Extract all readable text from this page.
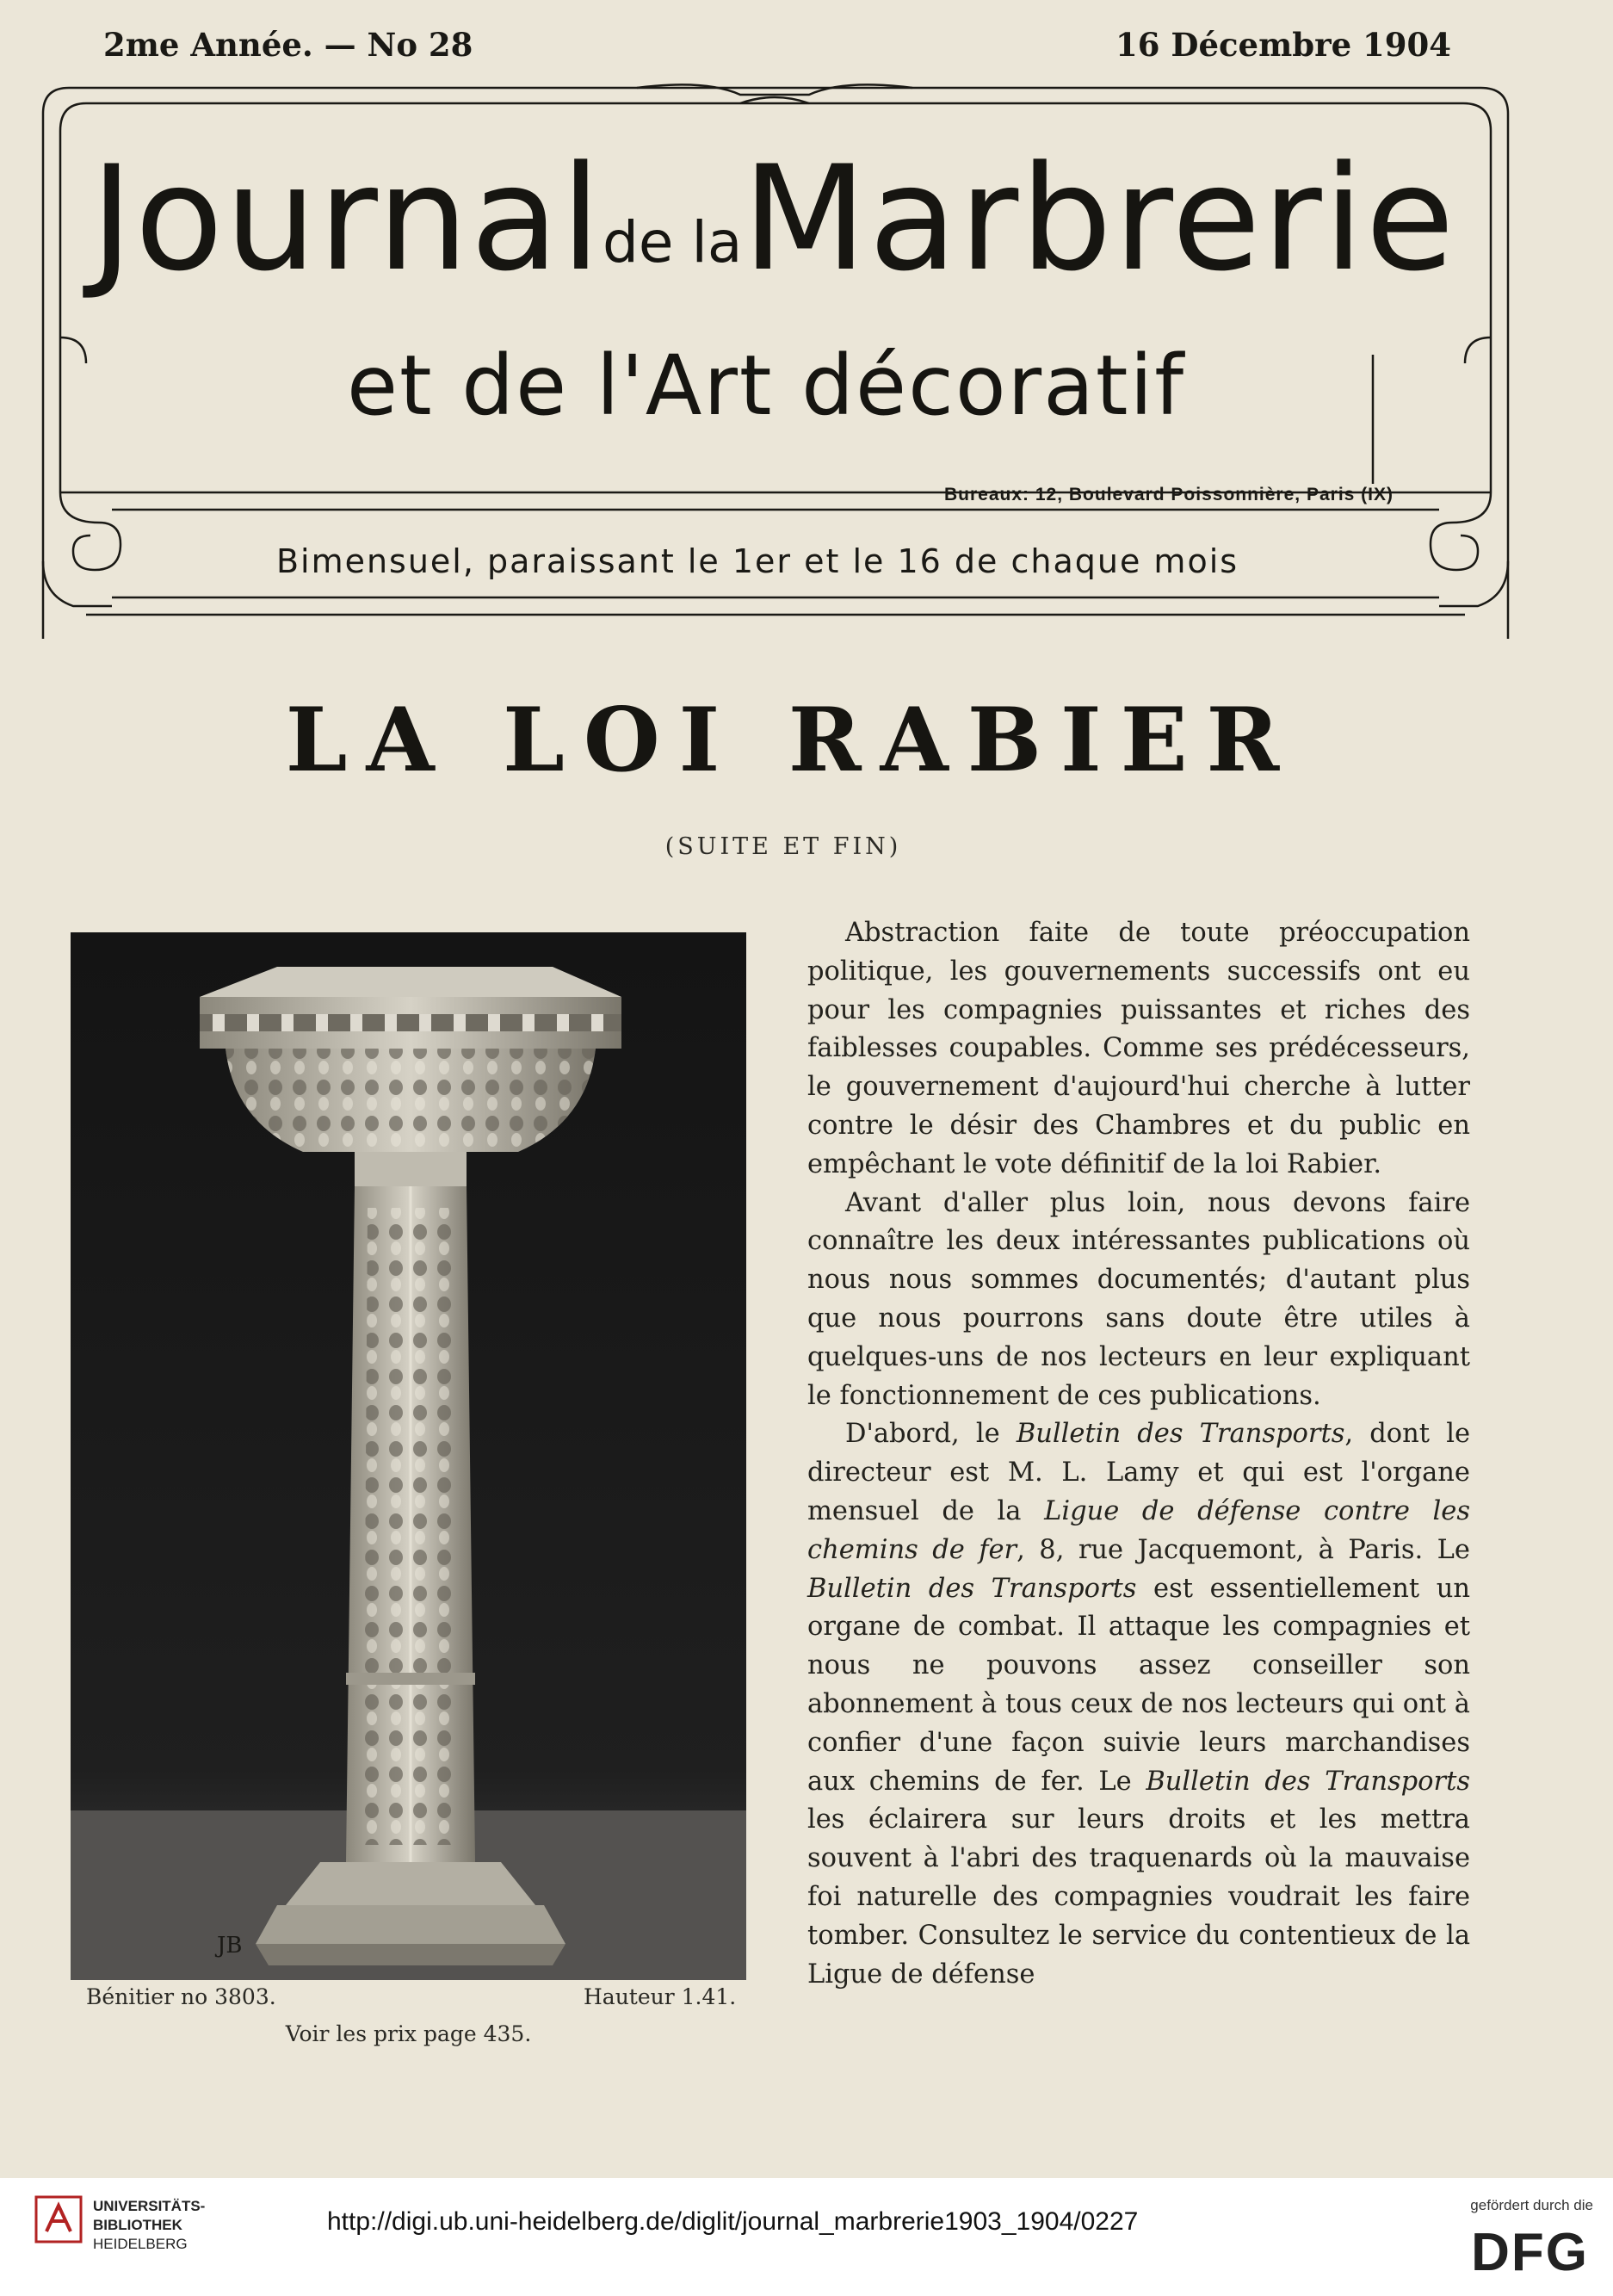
2me Année. — No 28	16 Décembre 1904
Journalde laMarbrerie
et de l'Art décoratif
Bureaux: 12, Boulevard Poissonnière, Paris (IX)
Bimensuel, paraissant le 1er et le 16 de chaque mois
LA LOI RABIER
(SUITE ET FIN)
JB
Bénitier no 3803.	Hauteur 1.41.
Voir les prix page 435.

Abstraction faite de toute préoccupation politique, les gouvernements successifs ont eu pour les compagnies puissantes et riches des faiblesses coupables. Comme ses prédécesseurs, le gouvernement d'aujourd'hui cherche à lutter contre le désir des Chambres et du public en empêchant le vote définitif de la loi Rabier.

Avant d'aller plus loin, nous devons faire connaître les deux intéressantes publications où nous nous sommes documentés; d'autant plus que nous pourrons sans doute être utiles à quelques-uns de nos lecteurs en leur expliquant le fonctionnement de ces publications.

D'abord, le Bulletin des Transports, dont le directeur est M. L. Lamy et qui est l'organe mensuel de la Ligue de défense contre les chemins de fer, 8, rue Jacquemont, à Paris. Le Bulletin des Transports est essentiellement un organe de combat. Il attaque les compagnies et nous ne pouvons assez conseiller son abonnement à tous ceux de nos lecteurs qui ont à confier d'une façon suivie leurs marchandises aux chemins de fer. Le Bulletin des Transports les éclairera sur leurs droits et les mettra souvent à l'abri des traquenards où la mauvaise foi naturelle des compagnies voudrait les faire tomber. Consultez le service du contentieux de la Ligue de défense

UNIVERSITÄTS-
BIBLIOTHEK
HEIDELBERG
http://digi.ub.uni-heidelberg.de/diglit/journal_marbrerie1903_1904/0227
gefördert durch die
DFG
